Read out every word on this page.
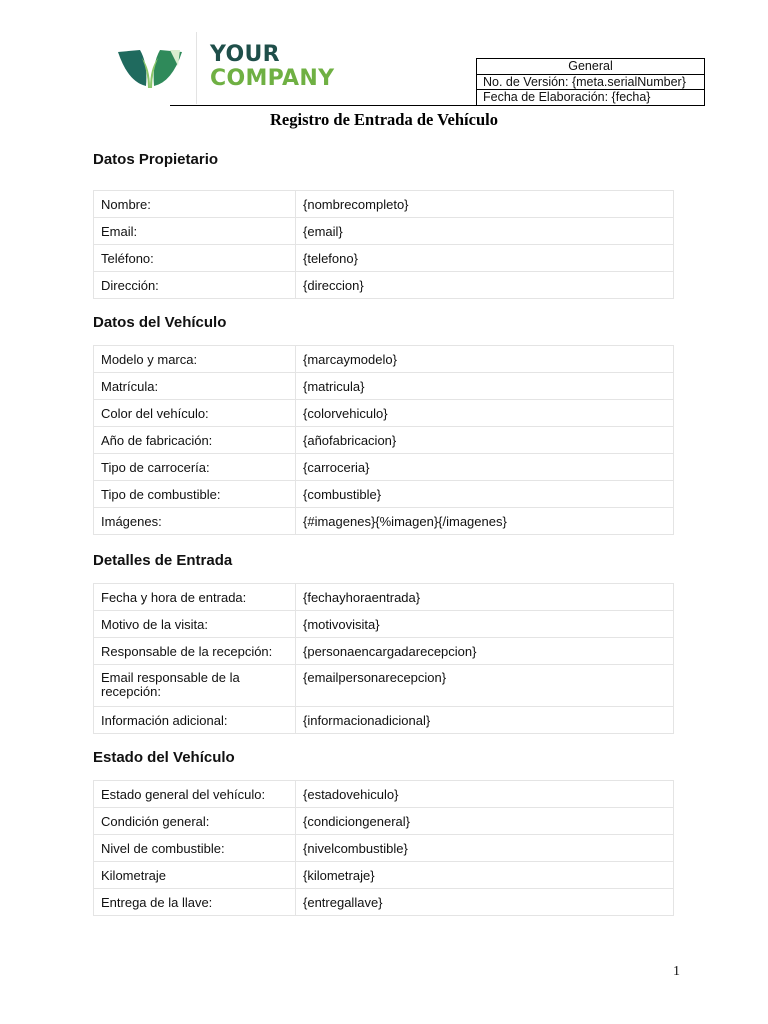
YOUR
COMPANY	General
No. de Versión: {meta.serialNumber}
Fecha de Elaboración: {fecha}
Registro de Entrada de Vehículo
Datos Propietario
Nombre:	{nombrecompleto}
Email:	{email}
Teléfono:	{telefono}
Dirección:	{direccion}
Datos del Vehículo
Modelo y marca:	{marcaymodelo}
Matrícula:	{matricula}
Color del vehículo:	{colorvehiculo}
Año de fabricación:	{añofabricacion}
Tipo de carrocería:	{carroceria}
Tipo de combustible:	{combustible}
Imágenes:	{#imagenes}{%imagen}{/imagenes}
Detalles de Entrada
Fecha y hora de entrada:	{fechayhoraentrada}
Motivo de la visita:	{motivovisita}
Responsable de la recepción:	{personaencargadarecepcion}
Email responsable de la recepción:	{emailpersonarecepcion}
Información adicional:	{informacionadicional}
Estado del Vehículo
Estado general del vehículo:	{estadovehiculo}
Condición general:	{condiciongeneral}
Nivel de combustible:	{nivelcombustible}
Kilometraje	{kilometraje}
Entrega de la llave:	{entregallave}
1
